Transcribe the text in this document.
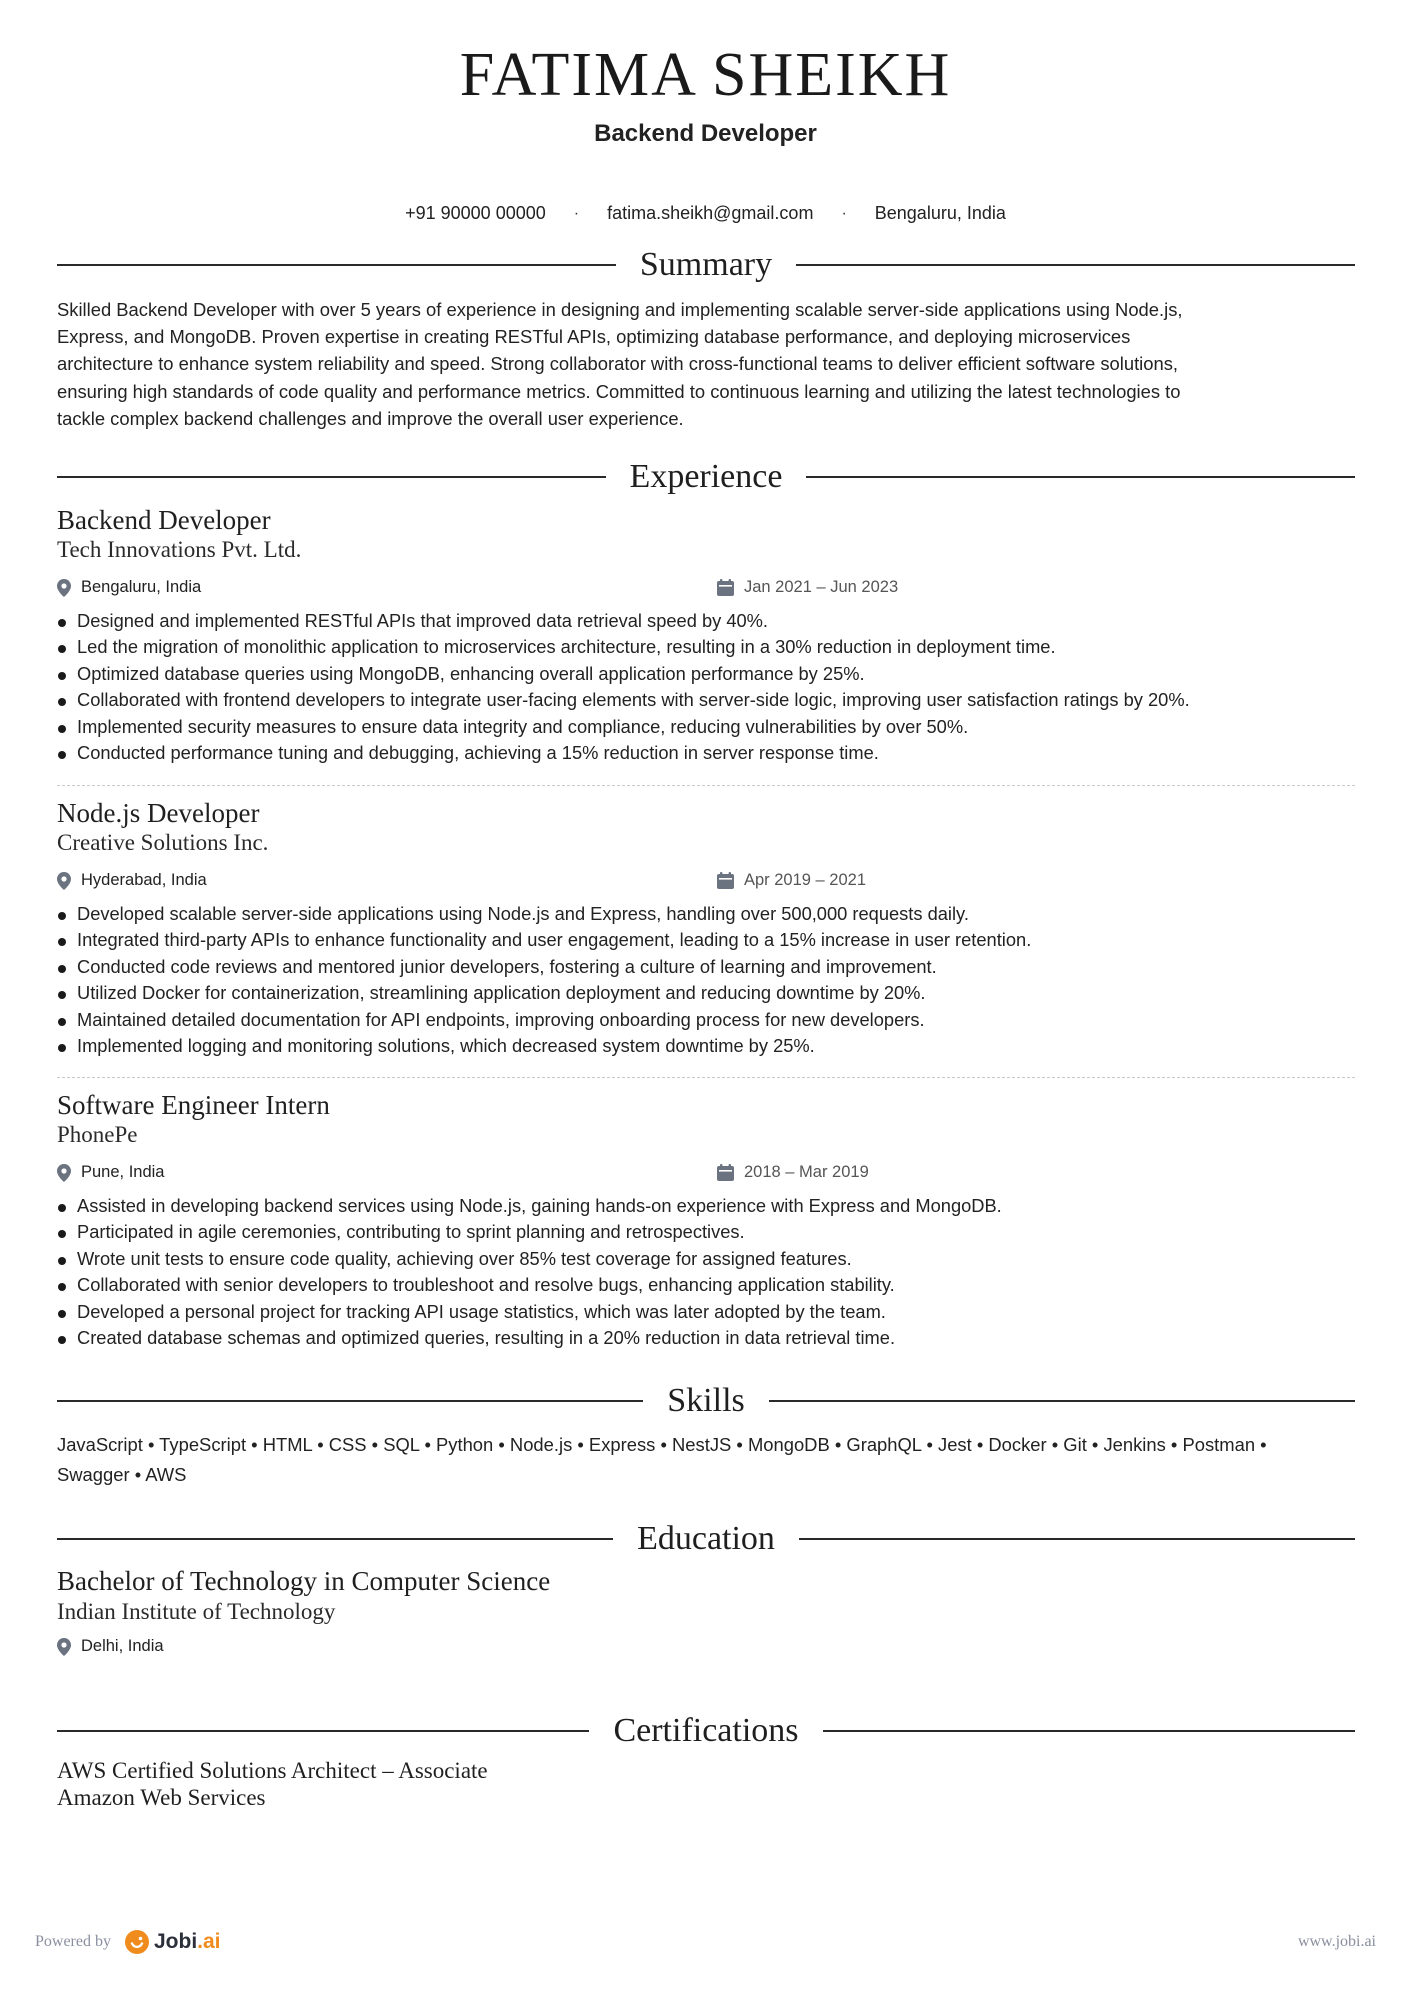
FATIMA SHEIKH
Backend Developer
+91 90000 00000 · fatima.sheikh@gmail.com · Bengaluru, India
Summary
Skilled Backend Developer with over 5 years of experience in designing and implementing scalable server-side applications using Node.js,
Express, and MongoDB. Proven expertise in creating RESTful APIs, optimizing database performance, and deploying microservices
architecture to enhance system reliability and speed. Strong collaborator with cross-functional teams to deliver efficient software solutions,
ensuring high standards of code quality and performance metrics. Committed to continuous learning and utilizing the latest technologies to
tackle complex backend challenges and improve the overall user experience.
Experience
Backend Developer
Tech Innovations Pvt. Ltd.
Bengaluru, India	Jan 2021 – Jun 2023
Designed and implemented RESTful APIs that improved data retrieval speed by 40%.
Led the migration of monolithic application to microservices architecture, resulting in a 30% reduction in deployment time.
Optimized database queries using MongoDB, enhancing overall application performance by 25%.
Collaborated with frontend developers to integrate user-facing elements with server-side logic, improving user satisfaction ratings by 20%.
Implemented security measures to ensure data integrity and compliance, reducing vulnerabilities by over 50%.
Conducted performance tuning and debugging, achieving a 15% reduction in server response time.
Node.js Developer
Creative Solutions Inc.
Hyderabad, India	Apr 2019 – 2021
Developed scalable server-side applications using Node.js and Express, handling over 500,000 requests daily.
Integrated third-party APIs to enhance functionality and user engagement, leading to a 15% increase in user retention.
Conducted code reviews and mentored junior developers, fostering a culture of learning and improvement.
Utilized Docker for containerization, streamlining application deployment and reducing downtime by 20%.
Maintained detailed documentation for API endpoints, improving onboarding process for new developers.
Implemented logging and monitoring solutions, which decreased system downtime by 25%.
Software Engineer Intern
PhonePe
Pune, India	2018 – Mar 2019
Assisted in developing backend services using Node.js, gaining hands-on experience with Express and MongoDB.
Participated in agile ceremonies, contributing to sprint planning and retrospectives.
Wrote unit tests to ensure code quality, achieving over 85% test coverage for assigned features.
Collaborated with senior developers to troubleshoot and resolve bugs, enhancing application stability.
Developed a personal project for tracking API usage statistics, which was later adopted by the team.
Created database schemas and optimized queries, resulting in a 20% reduction in data retrieval time.
Skills
JavaScript • TypeScript • HTML • CSS • SQL • Python • Node.js • Express • NestJS • MongoDB • GraphQL • Jest • Docker • Git • Jenkins • Postman •
Swagger • AWS
Education
Bachelor of Technology in Computer Science
Indian Institute of Technology
Delhi, India
Certifications
AWS Certified Solutions Architect – Associate
Amazon Web Services
Powered by Jobi .ai	www.jobi.ai
